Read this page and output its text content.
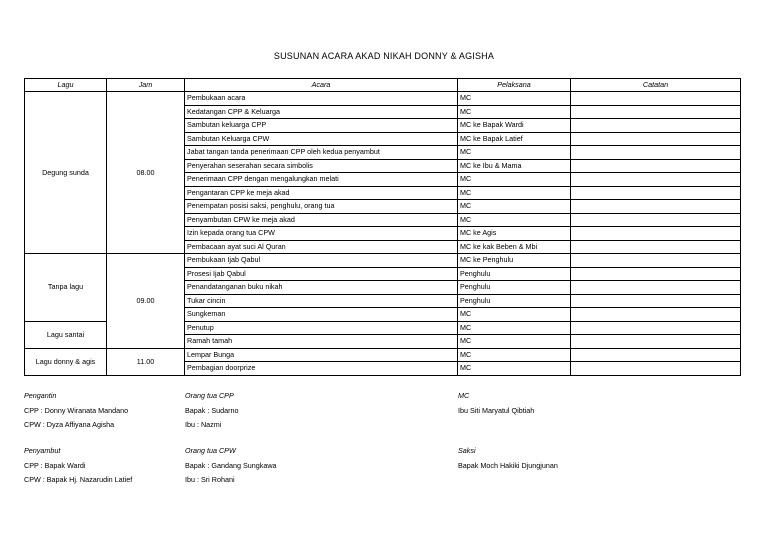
SUSUNAN ACARA AKAD NIKAH DONNY & AGISHA
Lagu	Jam	Acara	Pelaksana	Catatan
Degung sunda	08.00	Pembukaan acara	MC	
		Kedatangan CPP & Keluarga	MC	
		Sambutan keluarga CPP	MC ke Bapak Wardi	
		Sambutan Keluarga CPW	MC ke Bapak Latief	
		Jabat tangan tanda penerimaan CPP oleh kedua penyambut	MC	
		Penyerahan seserahan secara simbolis	MC ke Ibu & Mama	
		Penerimaan CPP dengan mengalungkan melati	MC	
		Pengantaran CPP ke meja akad	MC	
		Penempatan posisi saksi, penghulu, orang tua	MC	
		Penyambutan CPW ke meja akad	MC	
		Izin kepada orang tua CPW	MC ke Agis	
		Pembacaan ayat suci Al Quran	MC ke kak Beben & Mbi	
Tanpa lagu	09.00	Pembukaan Ijab Qabul	MC ke Penghulu	
		Prosesi Ijab Qabul	Penghulu	
		Penandatanganan buku nikah	Penghulu	
		Tukar cincin	Penghulu	
		Sungkeman	MC	
Lagu santai		Penutup	MC	
		Ramah tamah	MC	
Lagu donny & agis	11.00	Lempar Bunga	MC	
		Pembagian doorprize	MC	
Pengantin
CPP : Donny Wiranata Mandano
CPW : Dyza Affiyana Agisha
Penyambut
CPP : Bapak Wardi
CPW : Bapak Hj. Nazarudin Latief
Orang tua CPP
Bapak : Sudarno
Ibu : Nazmi
Orang tua CPW
Bapak : Gandang Sungkawa
Ibu : Sri Rohani
MC
Ibu Siti Maryatul Qibtiah
Saksi
Bapak Moch Hakiki Djungjunan
